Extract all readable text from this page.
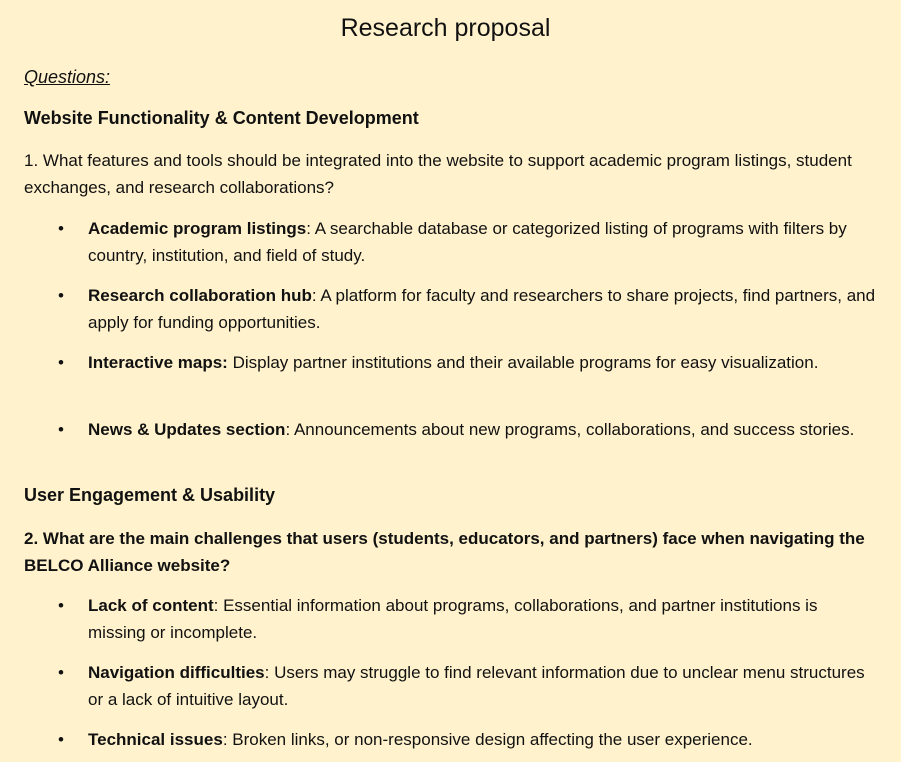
Research proposal

Questions:

Website Functionality & Content Development

1. What features and tools should be integrated into the website to support academic program listings, student exchanges, and research collaborations?

•	Academic program listings: A searchable database or categorized listing of programs with filters by country, institution, and field of study.
•	Research collaboration hub: A platform for faculty and researchers to share projects, find partners, and apply for funding opportunities.
•	Interactive maps: Display partner institutions and their available programs for easy visualization.
•	News & Updates section: Announcements about new programs, collaborations, and success stories.
User Engagement & Usability

2. What are the main challenges that users (students, educators, and partners) face when navigating the BELCO Alliance website?

•	Lack of content: Essential information about programs, collaborations, and partner institutions is missing or incomplete.
•	Navigation difficulties: Users may struggle to find relevant information due to unclear menu structures or a lack of intuitive layout.
•	Technical issues: Broken links, or non-responsive design affecting the user experience.
